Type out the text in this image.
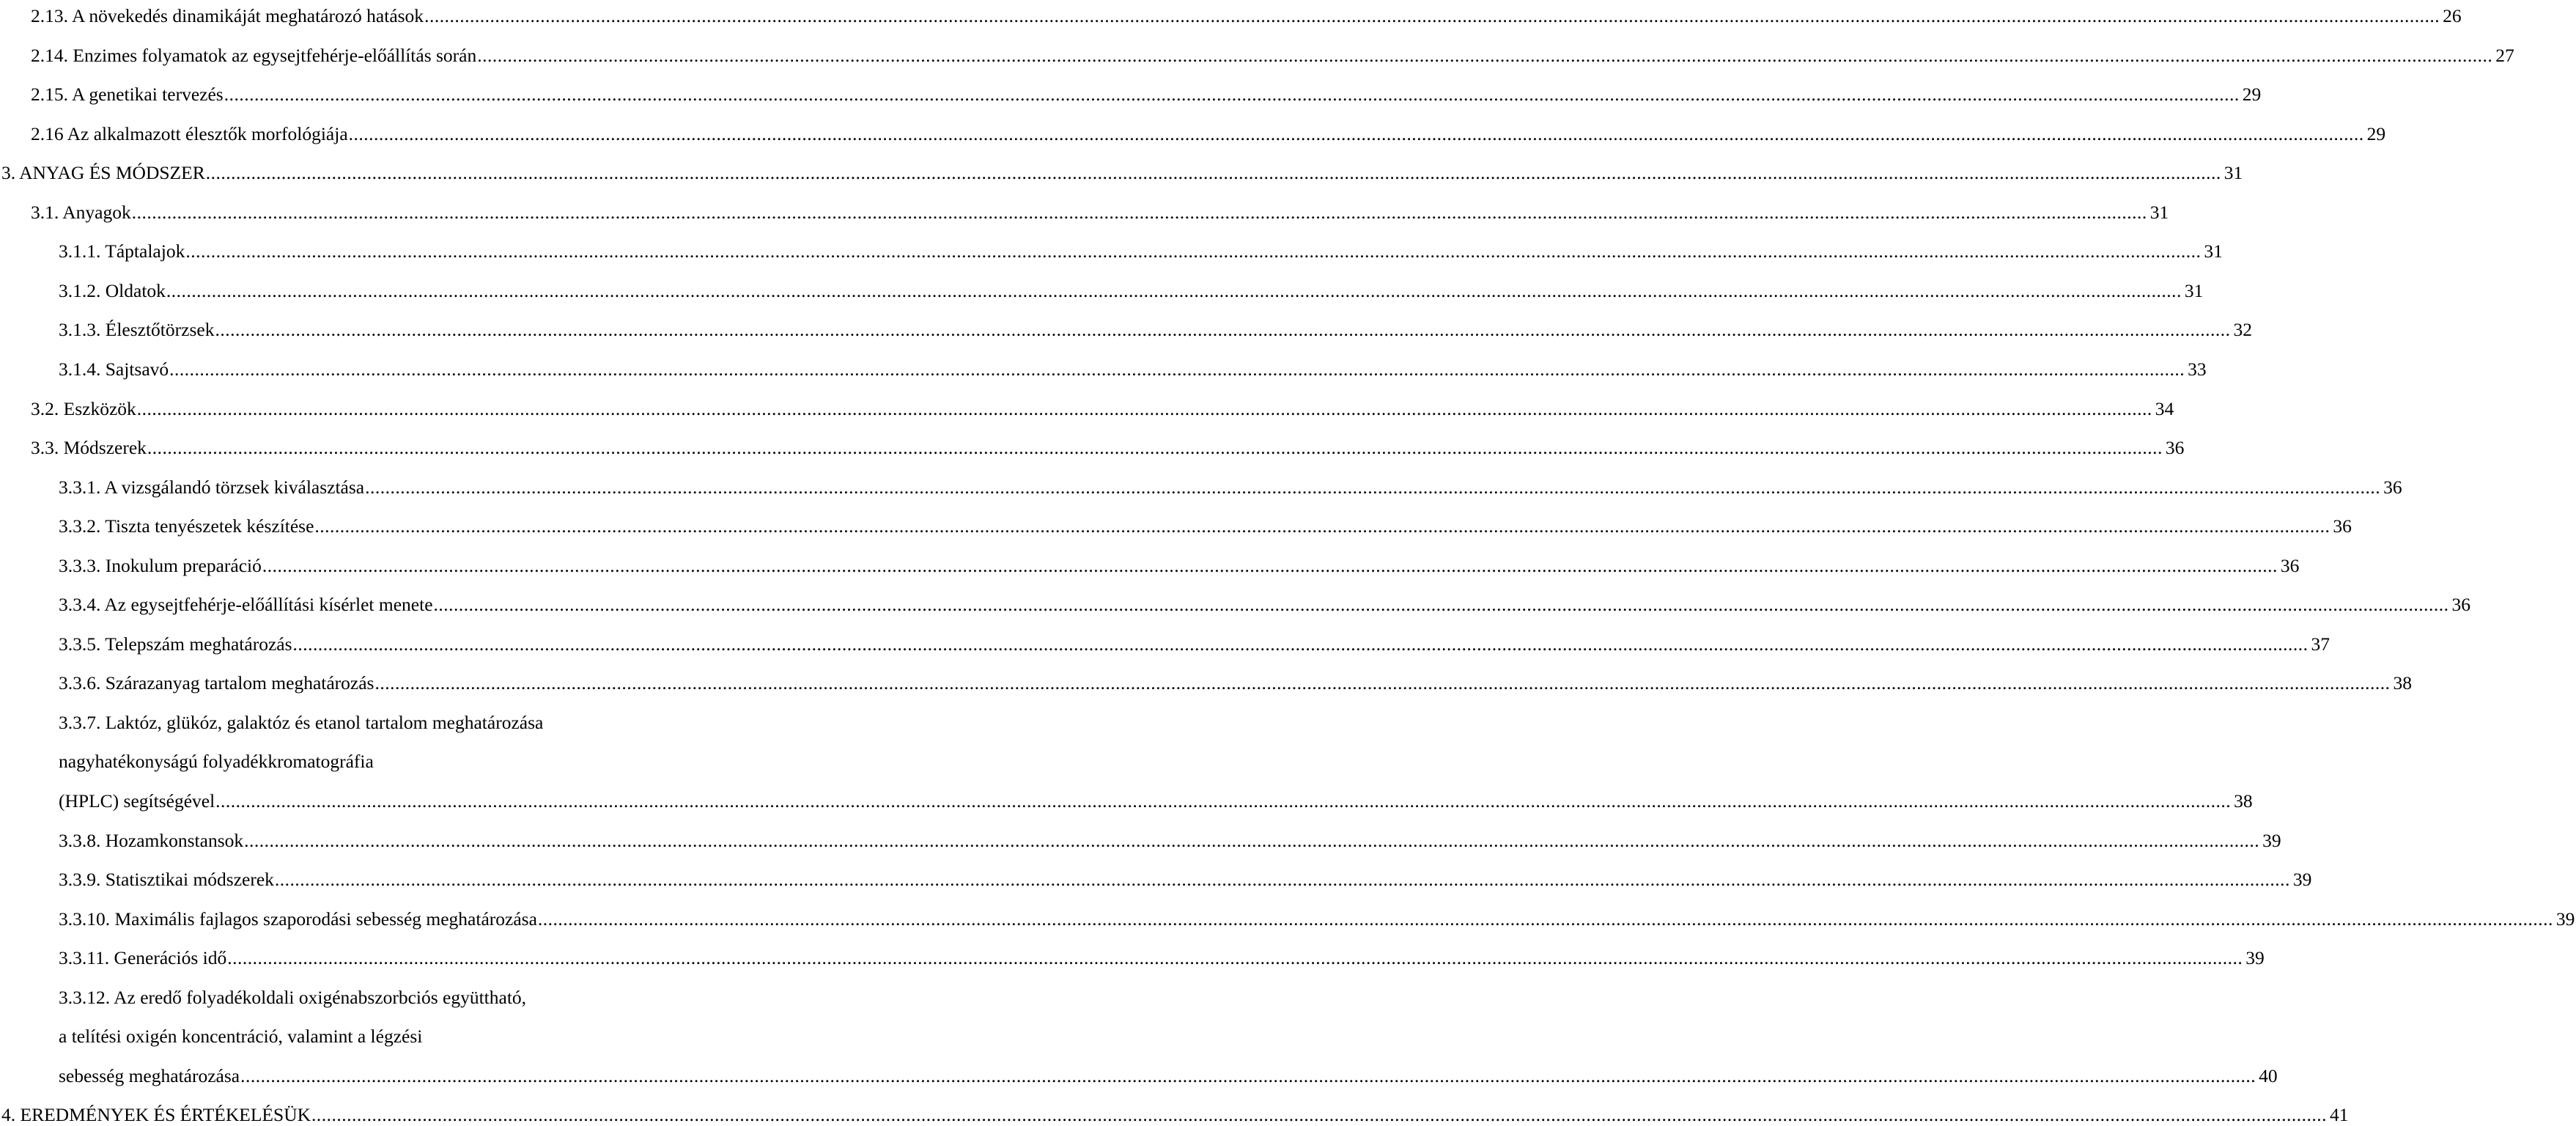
2.13. A növekedés dinamikáját meghatározó hatások ................................................................................................................................................................................................................................................................................................................................................................................................................ 26
2.14. Enzimes folyamatok az egysejtfehérje-előállítás során ................................................................................................................................................................................................................................................................................................................................................................................................................ 27
2.15. A genetikai tervezés ................................................................................................................................................................................................................................................................................................................................................................................................................ 29
2.16 Az alkalmazott élesztők morfológiája ................................................................................................................................................................................................................................................................................................................................................................................................................ 29
3. ANYAG ÉS MÓDSZER ................................................................................................................................................................................................................................................................................................................................................................................................................ 31
3.1. Anyagok ................................................................................................................................................................................................................................................................................................................................................................................................................ 31
3.1.1. Táptalajok ................................................................................................................................................................................................................................................................................................................................................................................................................ 31
3.1.2. Oldatok ................................................................................................................................................................................................................................................................................................................................................................................................................ 31
3.1.3. Élesztőtörzsek ................................................................................................................................................................................................................................................................................................................................................................................................................ 32
3.1.4. Sajtsavó ................................................................................................................................................................................................................................................................................................................................................................................................................ 33
3.2. Eszközök ................................................................................................................................................................................................................................................................................................................................................................................................................ 34
3.3. Módszerek ................................................................................................................................................................................................................................................................................................................................................................................................................ 36
3.3.1. A vizsgálandó törzsek kiválasztása ................................................................................................................................................................................................................................................................................................................................................................................................................ 36
3.3.2. Tiszta tenyészetek készítése ................................................................................................................................................................................................................................................................................................................................................................................................................ 36
3.3.3. Inokulum preparáció ................................................................................................................................................................................................................................................................................................................................................................................................................ 36
3.3.4. Az egysejtfehérje-előállítási kísérlet menete ................................................................................................................................................................................................................................................................................................................................................................................................................ 36
3.3.5. Telepszám meghatározás ................................................................................................................................................................................................................................................................................................................................................................................................................ 37
3.3.6. Szárazanyag tartalom meghatározás ................................................................................................................................................................................................................................................................................................................................................................................................................ 38
3.3.7. Laktóz, glükóz, galaktóz és etanol tartalom meghatározása
nagyhatékonyságú folyadékkromatográfia
(HPLC) segítségével ................................................................................................................................................................................................................................................................................................................................................................................................................ 38
3.3.8. Hozamkonstansok ................................................................................................................................................................................................................................................................................................................................................................................................................ 39
3.3.9. Statisztikai módszerek ................................................................................................................................................................................................................................................................................................................................................................................................................ 39
3.3.10. Maximális fajlagos szaporodási sebesség meghatározása ................................................................................................................................................................................................................................................................................................................................................................................................................ 39
3.3.11. Generációs idő ................................................................................................................................................................................................................................................................................................................................................................................................................ 39
3.3.12. Az eredő folyadékoldali oxigénabszorbciós együttható,
a telítési oxigén koncentráció, valamint a légzési
sebesség meghatározása ................................................................................................................................................................................................................................................................................................................................................................................................................ 40
4. EREDMÉNYEK ÉS ÉRTÉKELÉSÜK ................................................................................................................................................................................................................................................................................................................................................................................................................ 41
